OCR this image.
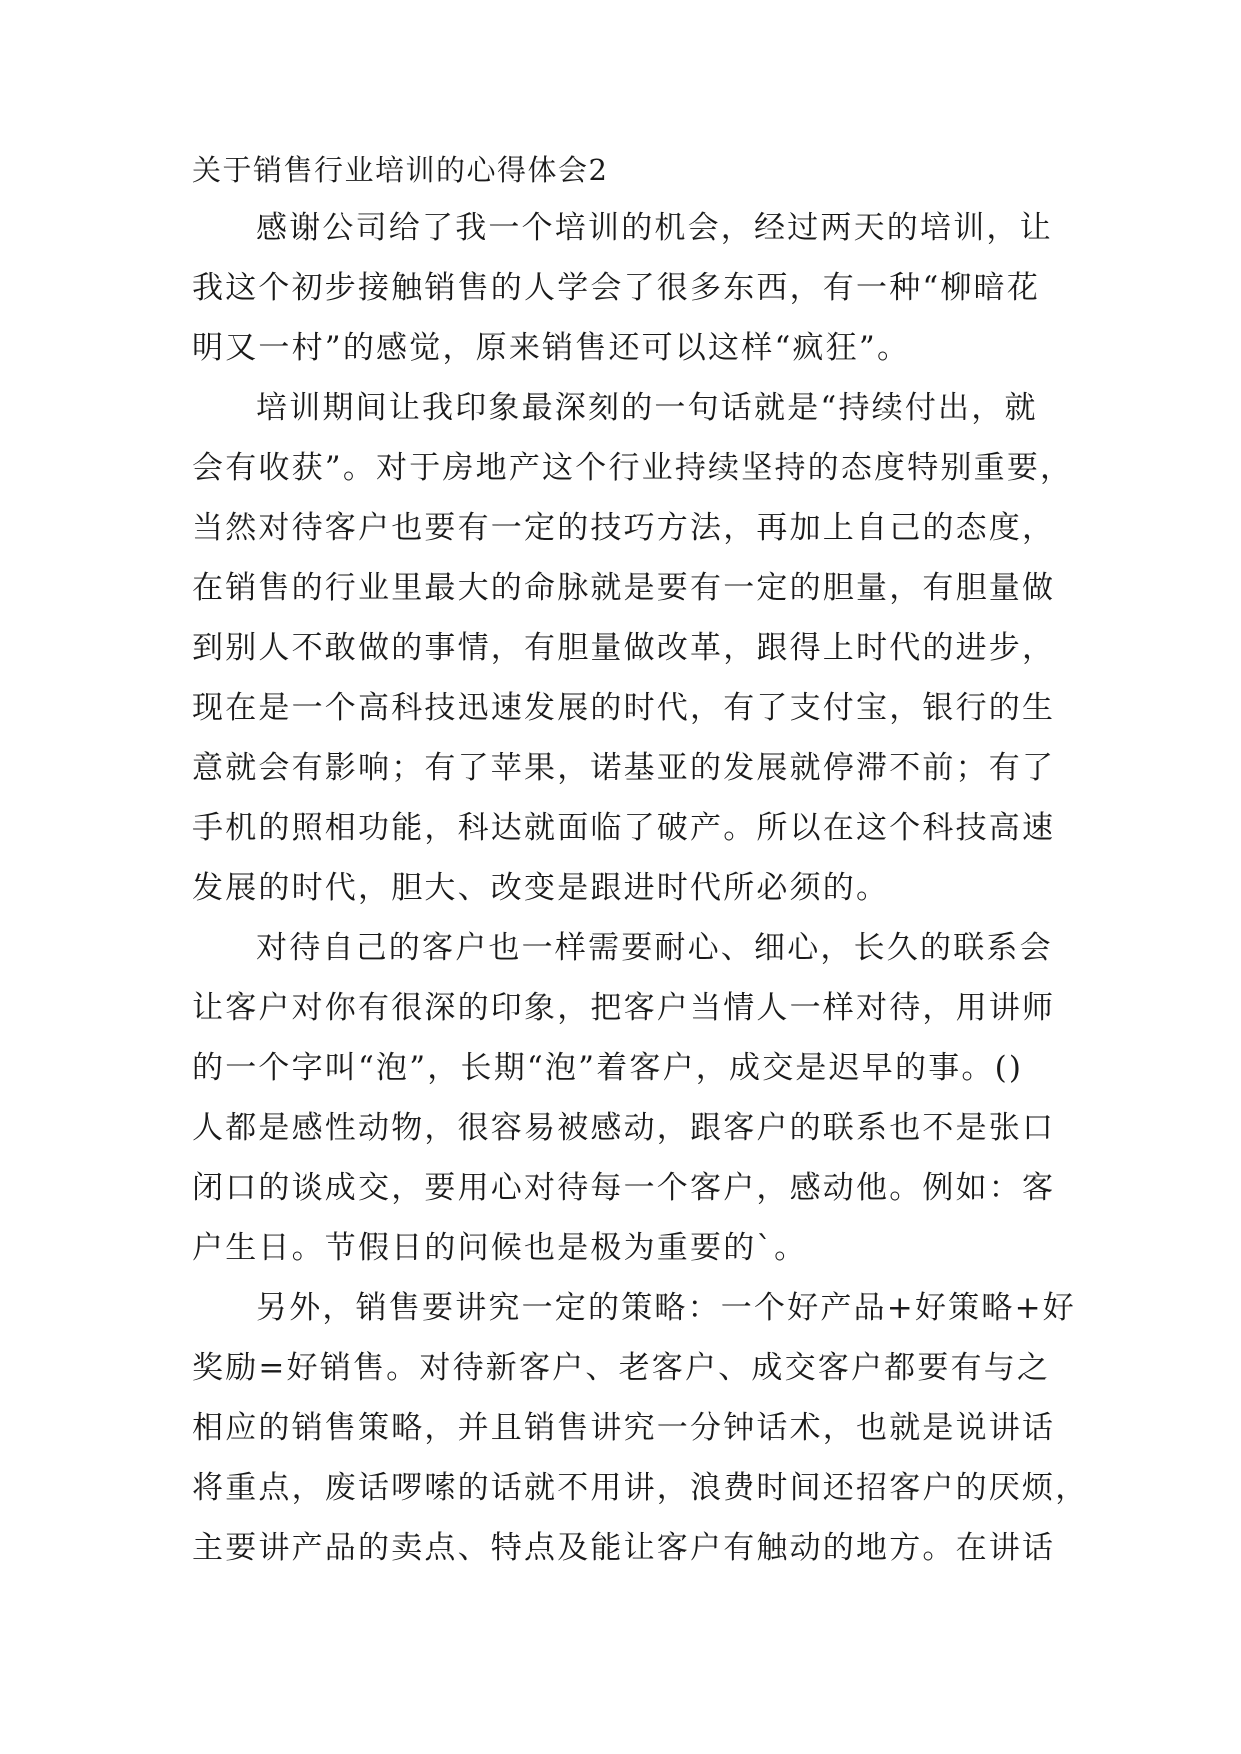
关于销售行业培训的心得体会2
感谢公司给了我一个培训的机会，经过两天的培训，让
我这个初步接触销售的人学会了很多东西，有一种“柳暗花
明又一村”的感觉，原来销售还可以这样“疯狂”。
培训期间让我印象最深刻的一句话就是“持续付出，就
会有收获”。对于房地产这个行业持续坚持的态度特别重要，
当然对待客户也要有一定的技巧方法，再加上自己的态度，
在销售的行业里最大的命脉就是要有一定的胆量，有胆量做
到别人不敢做的事情，有胆量做改革，跟得上时代的进步，
现在是一个高科技迅速发展的时代，有了支付宝，银行的生
意就会有影响；有了苹果，诺基亚的发展就停滞不前；有了
手机的照相功能，科达就面临了破产。所以在这个科技高速
发展的时代，胆大、改变是跟进时代所必须的。
对待自己的客户也一样需要耐心、细心，长久的联系会
让客户对你有很深的印象，把客户当情人一样对待，用讲师
的一个字叫“泡”，长期“泡”着客户，成交是迟早的事。()
人都是感性动物，很容易被感动，跟客户的联系也不是张口
闭口的谈成交，要用心对待每一个客户，感动他。例如：客
户生日。节假日的问候也是极为重要的`。
另外，销售要讲究一定的策略：一个好产品+好策略+好
奖励=好销售。对待新客户、老客户、成交客户都要有与之
相应的销售策略，并且销售讲究一分钟话术，也就是说讲话
将重点，废话啰嗦的话就不用讲，浪费时间还招客户的厌烦，
主要讲产品的卖点、特点及能让客户有触动的地方。在讲话
